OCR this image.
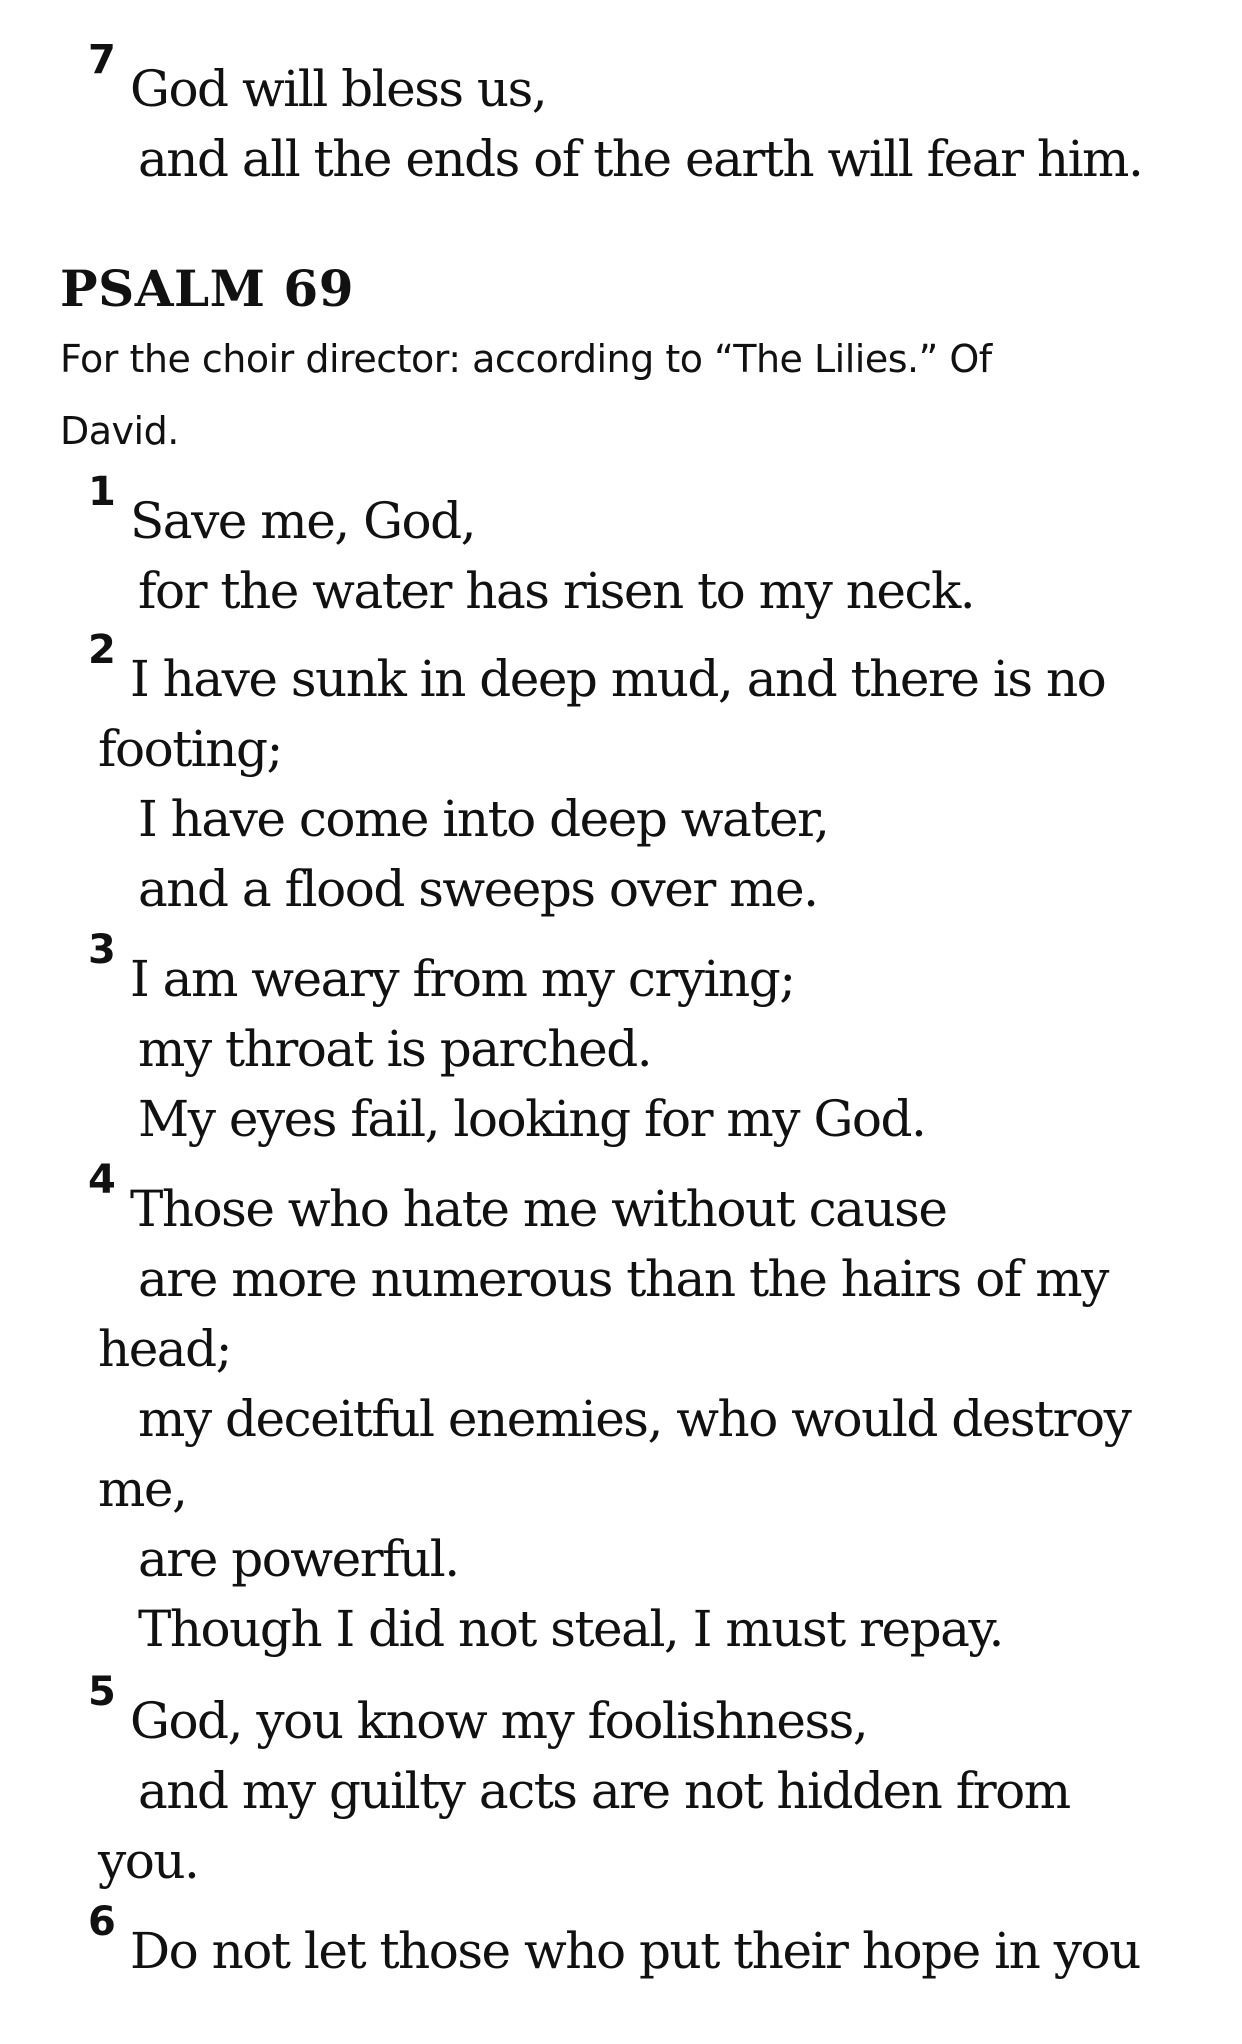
7 God will bless us,
and all the ends of the earth will fear him.
PSALM 69
For the choir director: according to “The Lilies.” Of
David.
1 Save me, God,
for the water has risen to my neck.
2 I have sunk in deep mud, and there is no
footing;
I have come into deep water,
and a flood sweeps over me.
3 I am weary from my crying;
my throat is parched.
My eyes fail, looking for my God.
4 Those who hate me without cause
are more numerous than the hairs of my
head;
my deceitful enemies, who would destroy
me,
are powerful.
Though I did not steal, I must repay.
5 God, you know my foolishness,
and my guilty acts are not hidden from
you.
6 Do not let those who put their hope in you
